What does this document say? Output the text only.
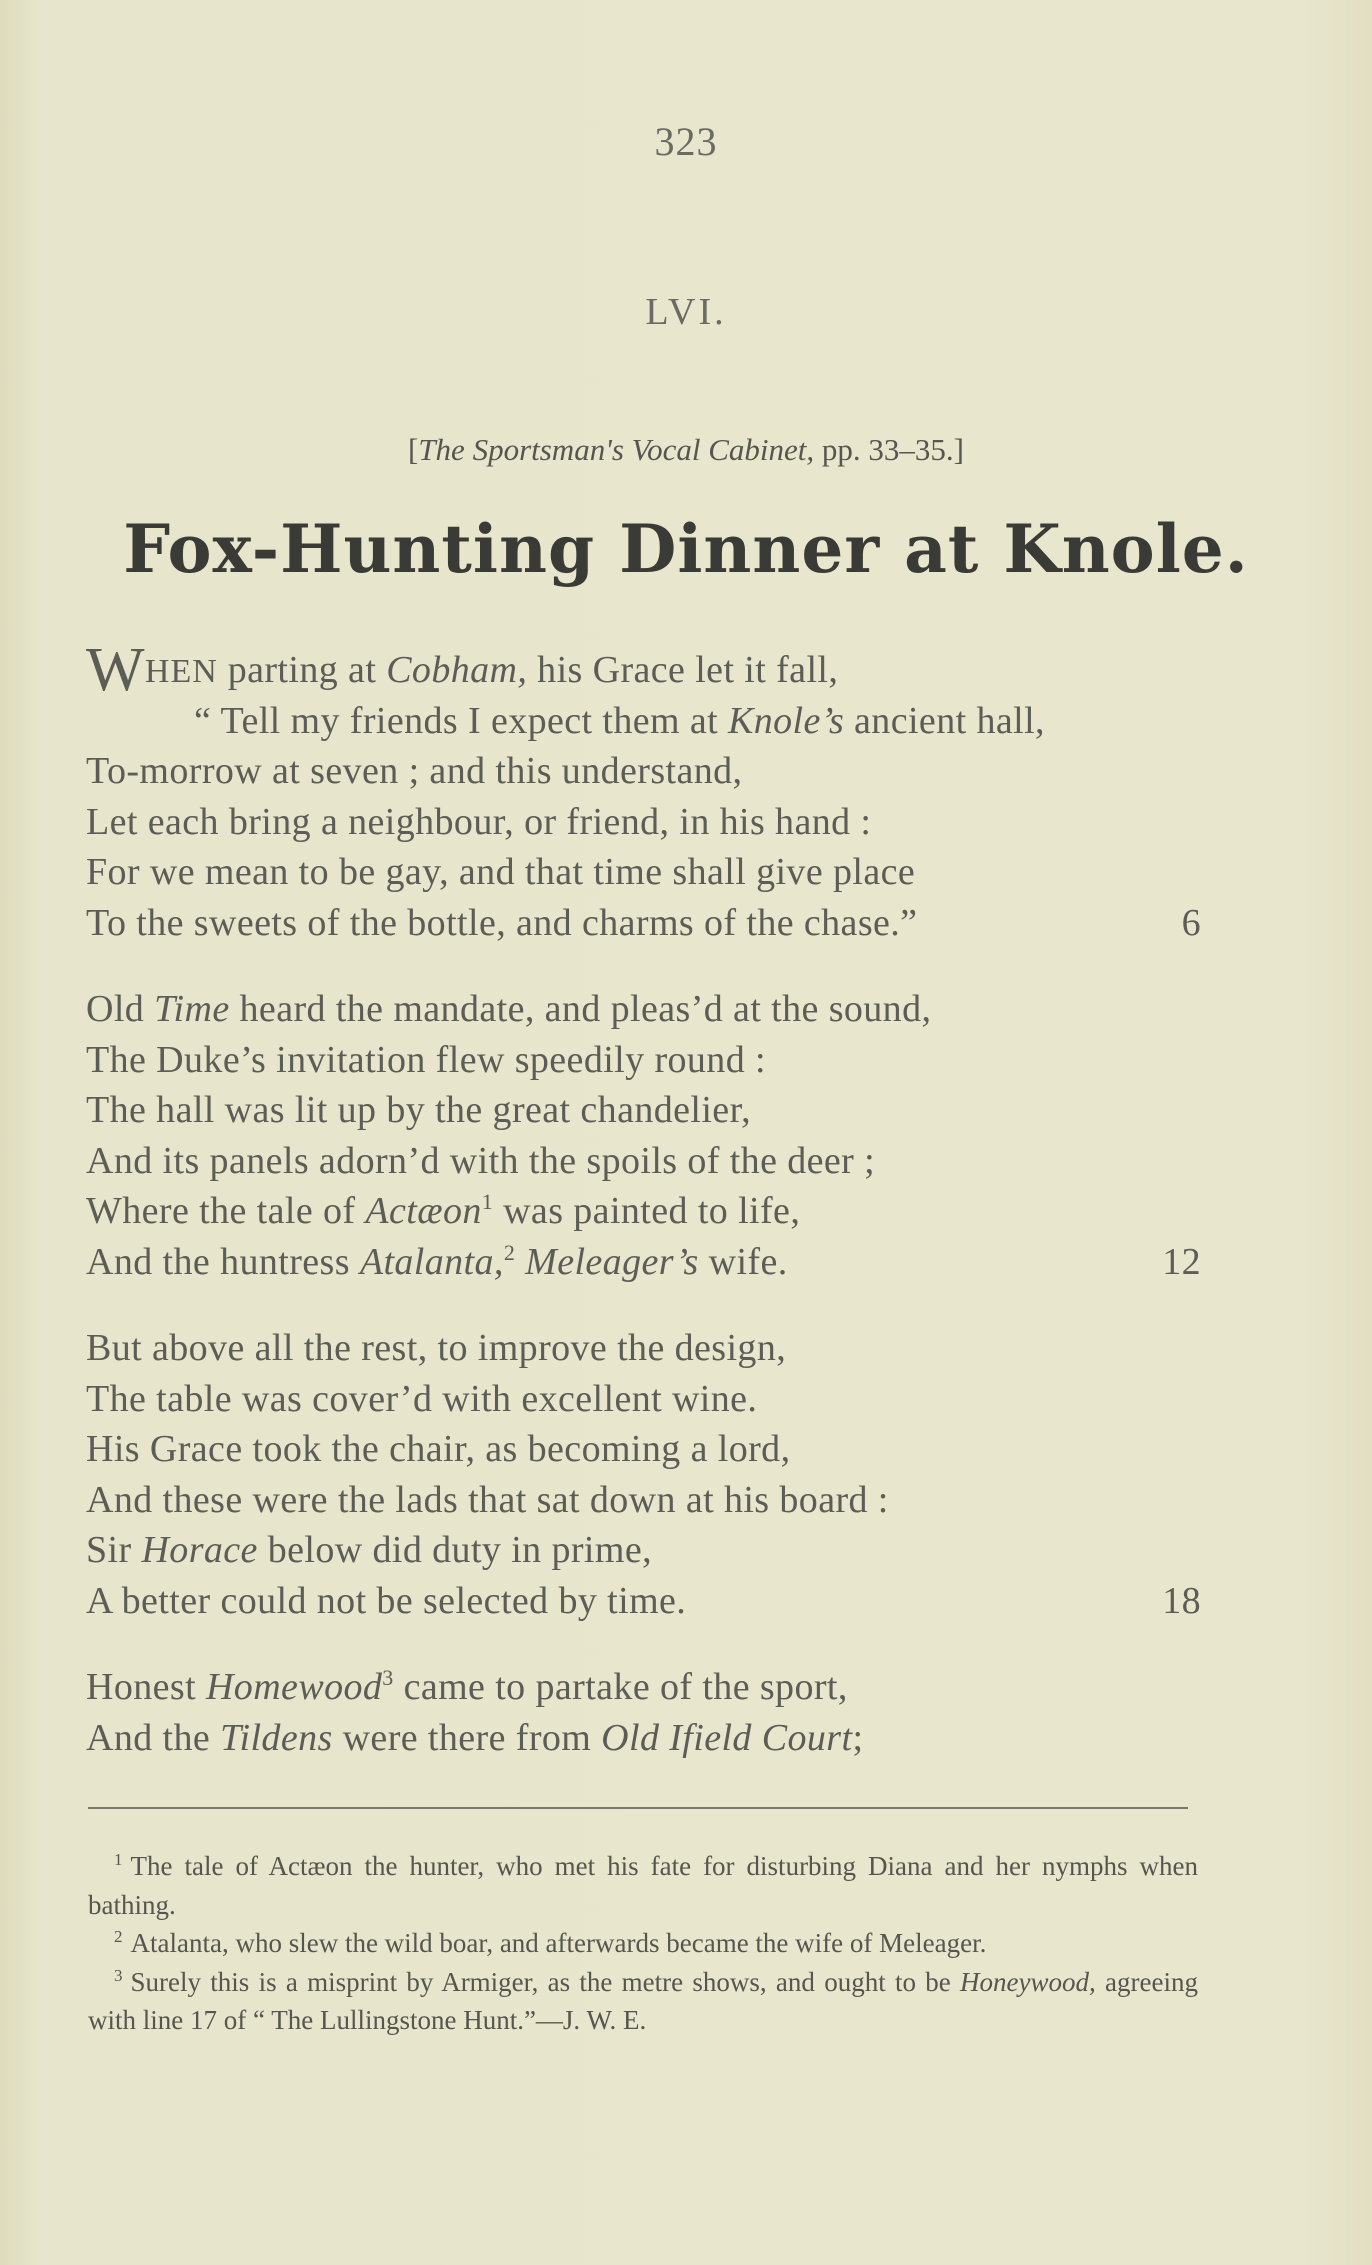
323
LVI.
[The Sportsman's Vocal Cabinet, pp. 33–35.]
Fox-Hunting Dinner at Knole.
WHEN parting at Cobham, his Grace let it fall,
“ Tell my friends I expect them at Knole’s ancient hall,
To-morrow at seven ; and this understand,
Let each bring a neighbour, or friend, in his hand :
For we mean to be gay, and that time shall give place
To the sweets of the bottle, and charms of the chase.”	6
Old Time heard the mandate, and pleas’d at the sound,
The Duke’s invitation flew speedily round :
The hall was lit up by the great chandelier,
And its panels adorn’d with the spoils of the deer ;
Where the tale of Actæon$^1$ was painted to life,
And the huntress Atalanta,$^2$ Meleager’s wife.	12
But above all the rest, to improve the design,
The table was cover’d with excellent wine.
His Grace took the chair, as becoming a lord,
And these were the lads that sat down at his board :
Sir Horace below did duty in prime,
A better could not be selected by time.	18
Honest Homewood$^3$ came to partake of the sport,
And the Tildens were there from Old Ifield Court;

$^1$ The tale of Actæon the hunter, who met his fate for disturbing Diana and her nymphs when bathing.

$^2$ Atalanta, who slew the wild boar, and afterwards became the wife of Meleager.

$^3$ Surely this is a misprint by Armiger, as the metre shows, and ought to be Honeywood, agreeing with line 17 of “ The Lullingstone Hunt.”—J. W. E.
